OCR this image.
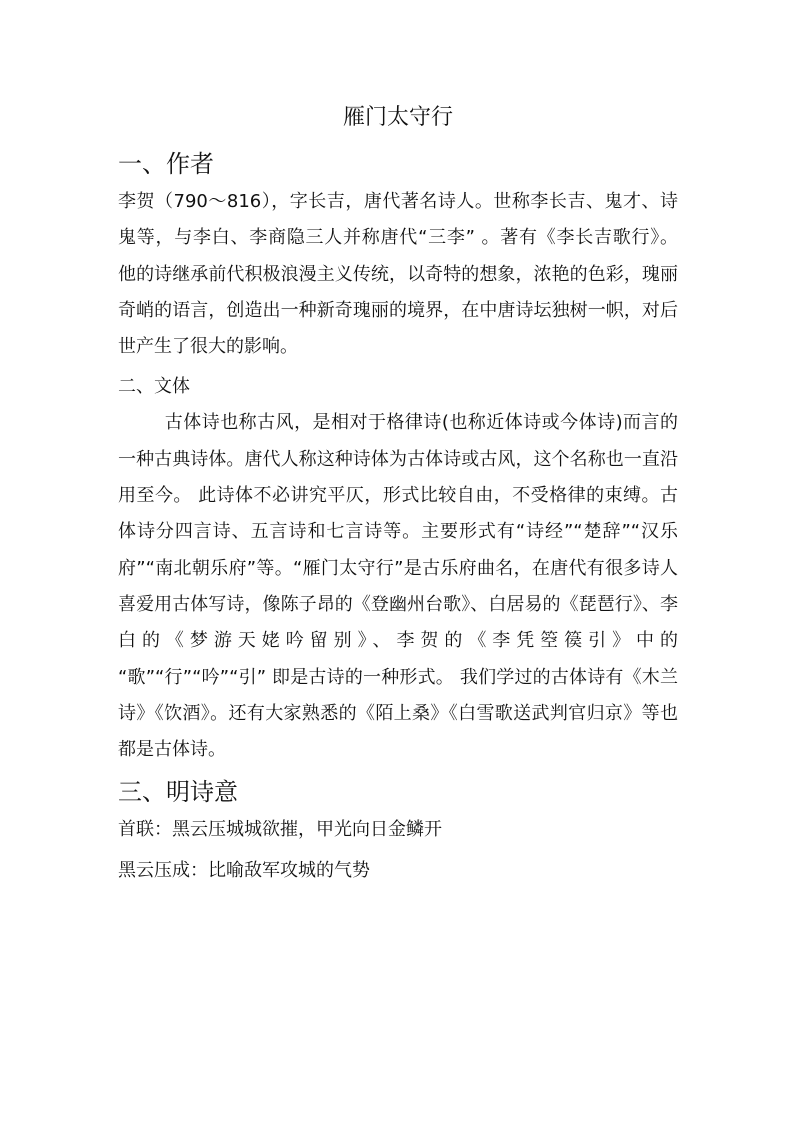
雁门太守行
一、作者

李贺（790～816），字长吉，唐代著名诗人。世称李长吉、鬼才、诗鬼等，与李白、李商隐三人并称唐代“三李” 。著有《李长吉歌行》。 他的诗继承前代积极浪漫主义传统，以奇特的想象，浓艳的色彩，瑰丽奇峭的语言，创造出一种新奇瑰丽的境界，在中唐诗坛独树一帜，对后世产生了很大的影响。

二、文体

古体诗也称古风，是相对于格律诗(也称近体诗或今体诗)而言的一种古典诗体。唐代人称这种诗体为古体诗或古风，这个名称也一直沿用至今。 此诗体不必讲究平仄，形式比较自由，不受格律的束缚。古体诗分四言诗、五言诗和七言诗等。主要形式有“诗经”“楚辞”“汉乐府”“南北朝乐府”等。“雁门太守行”是古乐府曲名，在唐代有很多诗人喜爱用古体写诗，像陈子昂的《登幽州台歌》、白居易的《琵琶行》、李白的《梦游天姥吟留别》、李贺的《李凭箜篌引》中的 “歌”“行”“吟”“引” 即是古诗的一种形式。 我们学过的古体诗有《木兰诗》《饮酒》。还有大家熟悉的《陌上桑》《白雪歌送武判官归京》等也都是古体诗。

三、明诗意

首联：黑云压城城欲摧，甲光向日金鳞开

黑云压成：比喻敌军攻城的气势
